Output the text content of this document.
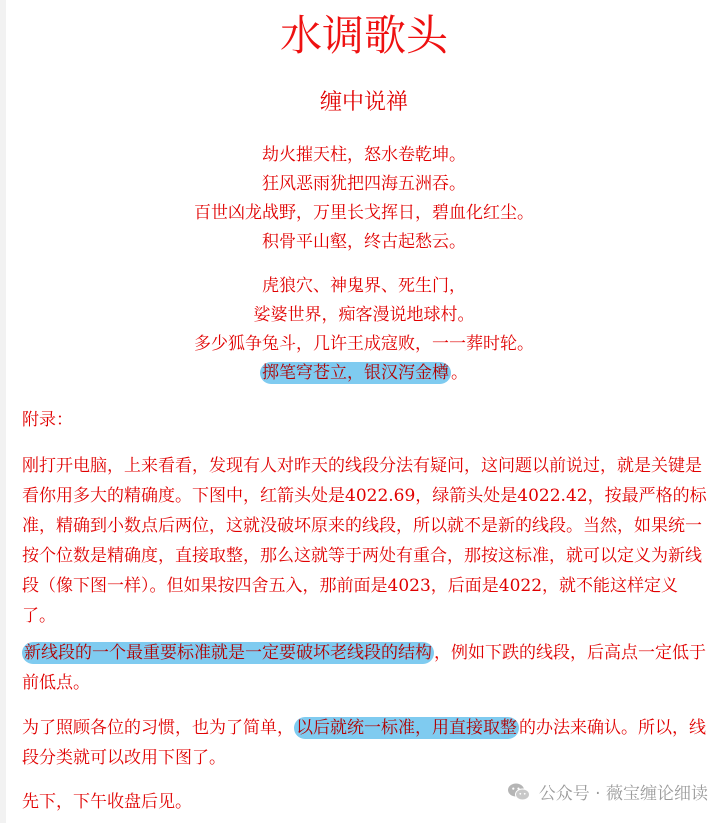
水调歌头
缠中说禅
劫火摧天柱，怒水卷乾坤。
狂风恶雨犹把四海五洲吞。
百世凶龙战野，万里长戈挥日，碧血化红尘。
积骨平山壑，终古起愁云。
虎狼穴、神鬼界、死生门，
娑婆世界，痴客漫说地球村。
多少狐争兔斗，几许王成寇败，一一葬时轮。
掷笔穹苍立，银汉泻金樽 。

附录：

刚打开电脑，上来看看，发现有人对昨天的线段分法有疑问，这问题以前说过，就是关键是看你用多大的精确度。下图中，红箭头处是4022.69，绿箭头处是4022.42，按最严格的标准，精确到小数点后两位，这就没破坏原来的线段，所以就不是新的线段。当然，如果统一按个位数是精确度，直接取整，那么这就等于两处有重合，那按这标准，就可以定义为新线段（像下图一样）。但如果按四舍五入，那前面是4023，后面是4022，就不能这样定义了。

新线段的一个最重要标准就是一定要破坏老线段的结构 ，例如下跌的线段，后高点一定低于前低点。

为了照顾各位的习惯，也为了简单， 以后就统一标准，用直接取整 的办法来确认。所以，线段分类就可以改用下图了。

先下，下午收盘后见。	公众号 · 薇宝缠论细读
